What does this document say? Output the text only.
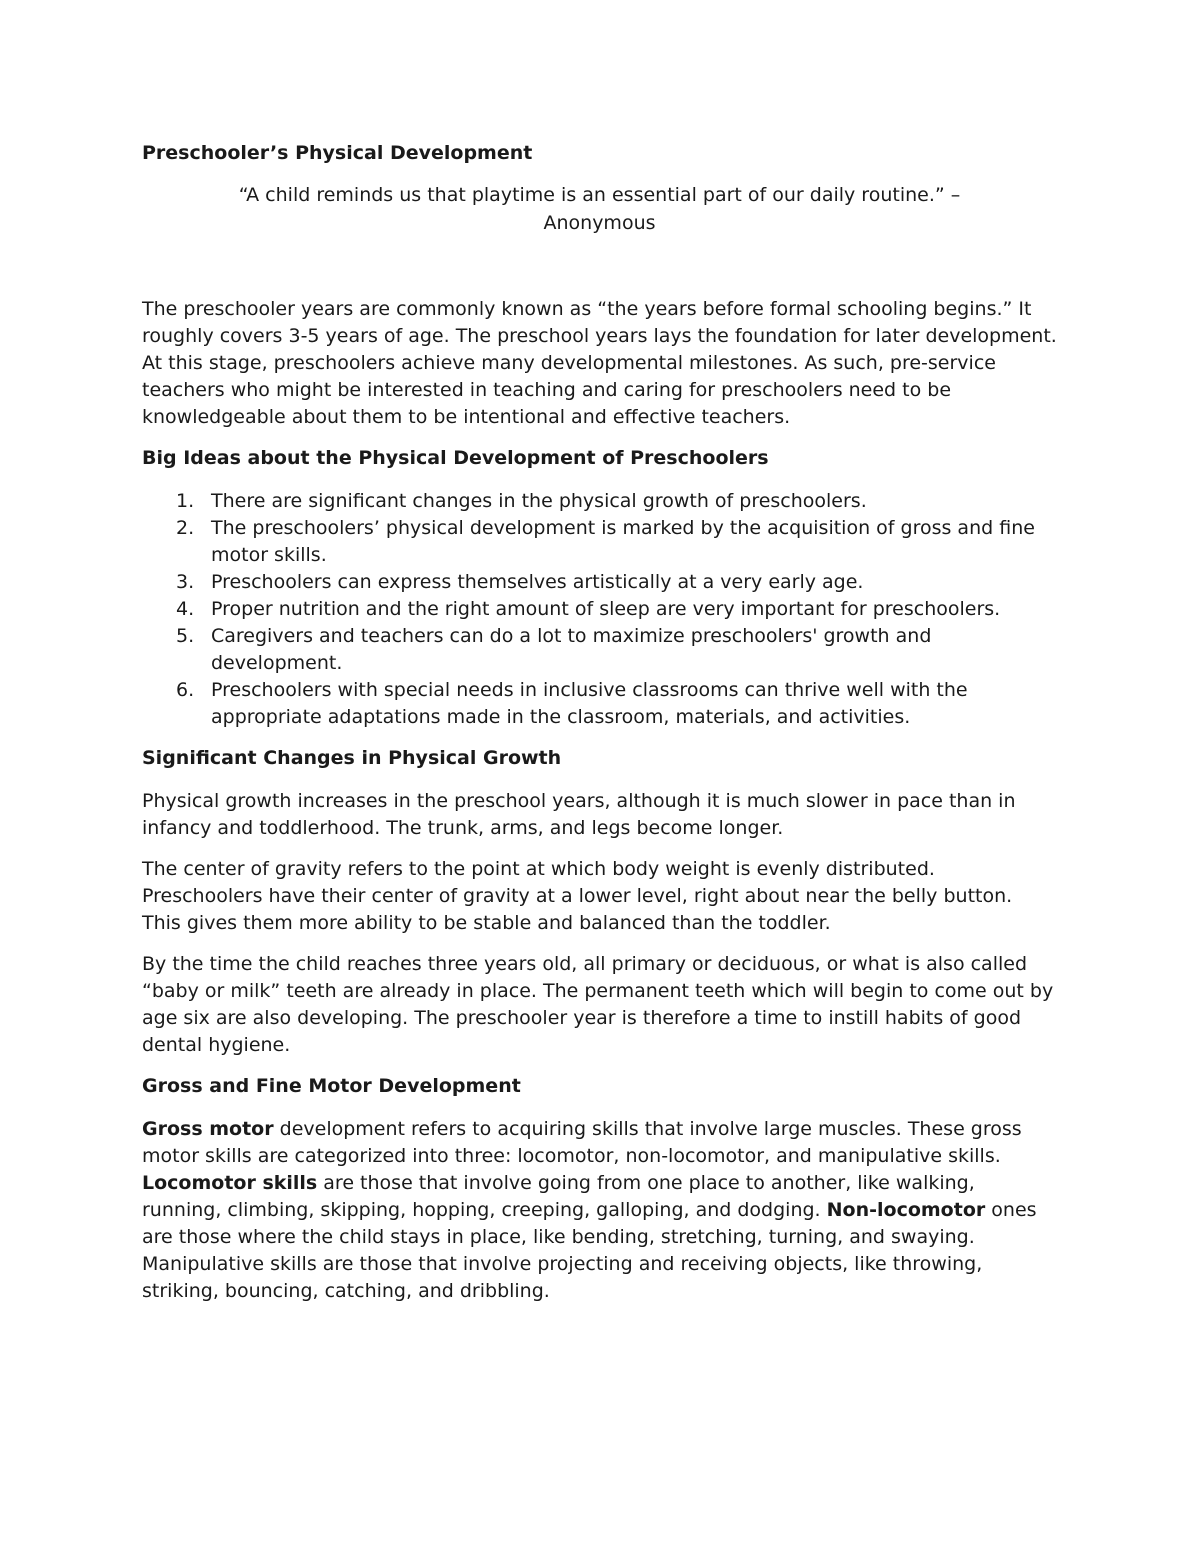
Preschooler’s Physical Development
“A child reminds us that playtime is an essential part of our daily routine.” –
Anonymous

The preschooler years are commonly known as “the years before formal schooling begins.” It roughly covers 3-5 years of age. The preschool years lays the foundation for later development. At this stage, preschoolers achieve many developmental milestones. As such, pre-service teachers who might be interested in teaching and caring for preschoolers need to be knowledgeable about them to be intentional and effective teachers.

Big Ideas about the Physical Development of Preschoolers
1. There are significant changes in the physical growth of preschoolers.
2. The preschoolers’ physical development is marked by the acquisition of gross and fine motor skills.
3. Preschoolers can express themselves artistically at a very early age.
4. Proper nutrition and the right amount of sleep are very important for preschoolers.
5. Caregivers and teachers can do a lot to maximize preschoolers' growth and development.
6. Preschoolers with special needs in inclusive classrooms can thrive well with the appropriate adaptations made in the classroom, materials, and activities.
Significant Changes in Physical Growth

Physical growth increases in the preschool years, although it is much slower in pace than in infancy and toddlerhood. The trunk, arms, and legs become longer.

The center of gravity refers to the point at which body weight is evenly distributed. Preschoolers have their center of gravity at a lower level, right about near the belly button. This gives them more ability to be stable and balanced than the toddler.

By the time the child reaches three years old, all primary or deciduous, or what is also called “baby or milk” teeth are already in place. The permanent teeth which will begin to come out by age six are also developing. The preschooler year is therefore a time to instill habits of good dental hygiene.

Gross and Fine Motor Development

Gross motor development refers to acquiring skills that involve large muscles. These gross motor skills are categorized into three: locomotor, non-locomotor, and manipulative skills. Locomotor skills are those that involve going from one place to another, like walking, running, climbing, skipping, hopping, creeping, galloping, and dodging. Non-locomotor ones are those where the child stays in place, like bending, stretching, turning, and swaying. Manipulative skills are those that involve projecting and receiving objects, like throwing, striking, bouncing, catching, and dribbling.
